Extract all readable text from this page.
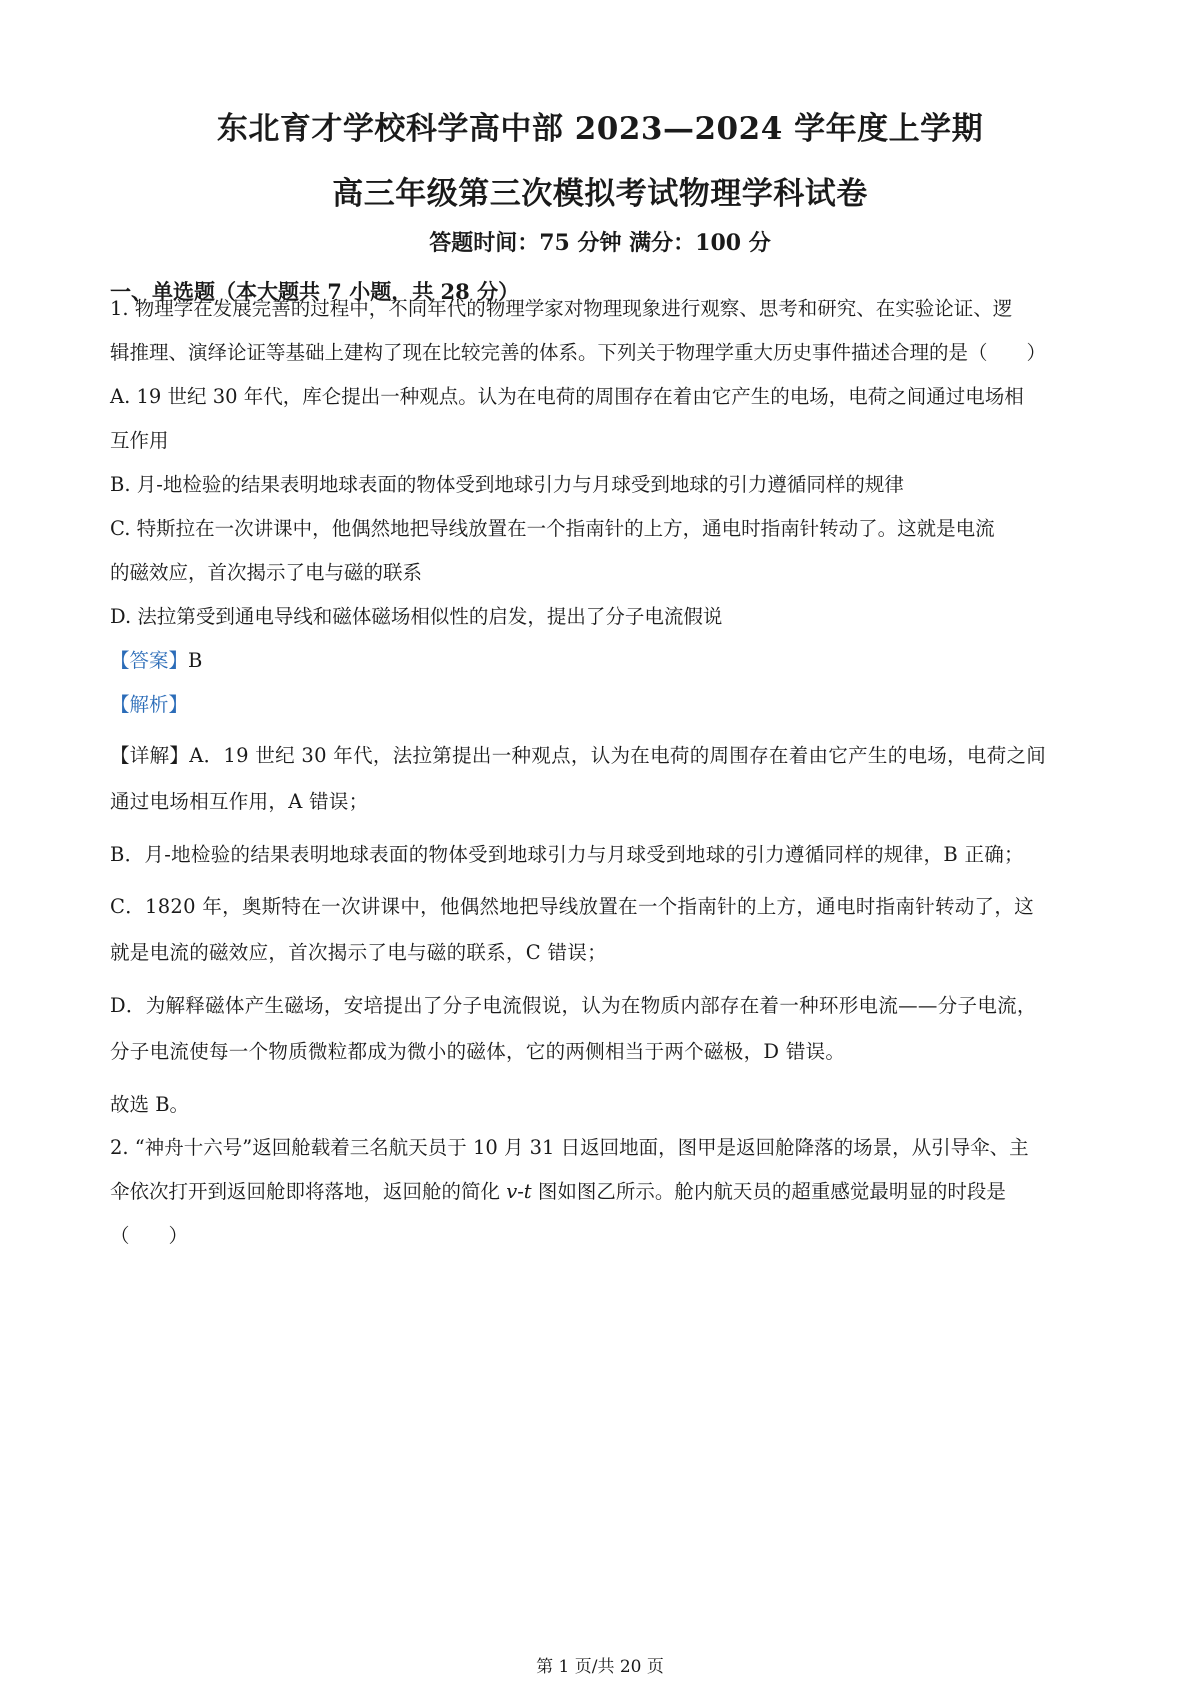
东北育才学校科学高中部 2023—2024 学年度上学期
高三年级第三次模拟考试物理学科试卷
答题时间：75 分钟 满分：100 分
一、单选题（本大题共 7 小题，共 28 分）
1. 物理学在发展完善的过程中，不同年代的物理学家对物理现象进行观察、思考和研究、在实验论证、逻
辑推理、演绎论证等基础上建构了现在比较完善的体系。下列关于物理学重大历史事件描述合理的是（　　）
A. 19 世纪 30 年代，库仑提出一种观点。认为在电荷的周围存在着由它产生的电场，电荷之间通过电场相
互作用
B. 月-地检验的结果表明地球表面的物体受到地球引力与月球受到地球的引力遵循同样的规律
C. 特斯拉在一次讲课中，他偶然地把导线放置在一个指南针的上方，通电时指南针转动了。这就是电流
的磁效应，首次揭示了电与磁的联系
D. 法拉第受到通电导线和磁体磁场相似性的启发，提出了分子电流假说
【答案】B
【解析】
【详解】A．19 世纪 30 年代，法拉第提出一种观点，认为在电荷的周围存在着由它产生的电场，电荷之间
通过电场相互作用，A 错误；
B．月-地检验的结果表明地球表面的物体受到地球引力与月球受到地球的引力遵循同样的规律，B 正确；
C．1820 年，奥斯特在一次讲课中，他偶然地把导线放置在一个指南针的上方，通电时指南针转动了，这
就是电流的磁效应，首次揭示了电与磁的联系，C 错误；
D．为解释磁体产生磁场，安培提出了分子电流假说，认为在物质内部存在着一种环形电流——分子电流，
分子电流使每一个物质微粒都成为微小的磁体，它的两侧相当于两个磁极，D 错误。
故选 B。
2. “神舟十六号”返回舱载着三名航天员于 10 月 31 日返回地面，图甲是返回舱降落的场景，从引导伞、主
伞依次打开到返回舱即将落地，返回舱的简化 v-t 图如图乙所示。舱内航天员的超重感觉最明显的时段是
（　　）
第 1 页/共 20 页
